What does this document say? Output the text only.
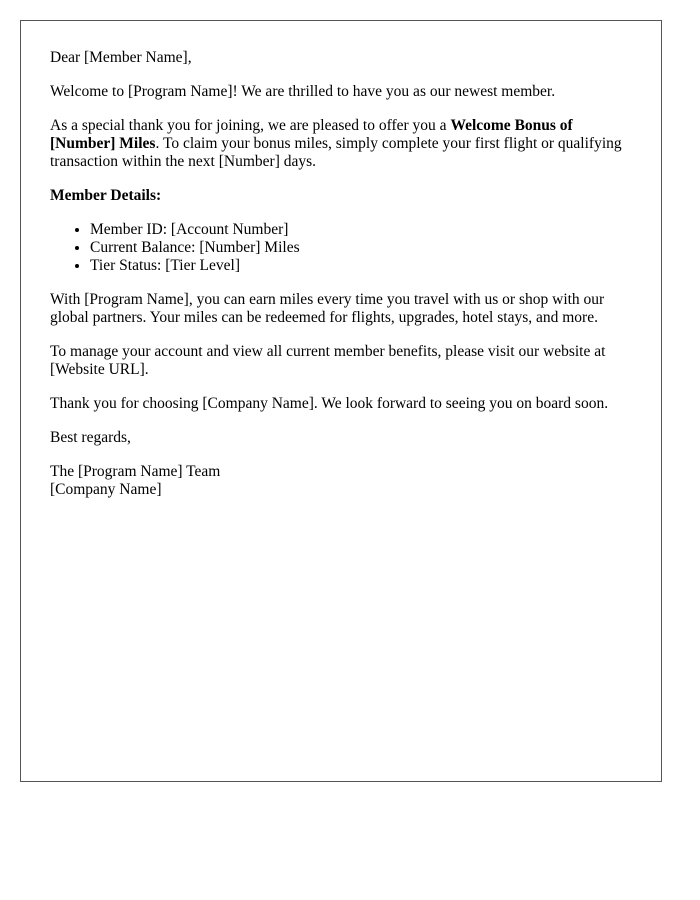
Dear [Member Name],

Welcome to [Program Name]! We are thrilled to have you as our newest member.

As a special thank you for joining, we are pleased to offer you a Welcome Bonus of [Number] Miles. To claim your bonus miles, simply complete your first flight or qualifying transaction within the next [Number] days.

Member Details:

• Member ID: [Account Number]
• Current Balance: [Number] Miles
• Tier Status: [Tier Level]

With [Program Name], you can earn miles every time you travel with us or shop with our global partners. Your miles can be redeemed for flights, upgrades, hotel stays, and more.

To manage your account and view all current member benefits, please visit our website at [Website URL].

Thank you for choosing [Company Name]. We look forward to seeing you on board soon.

Best regards,

The [Program Name] Team
[Company Name]
